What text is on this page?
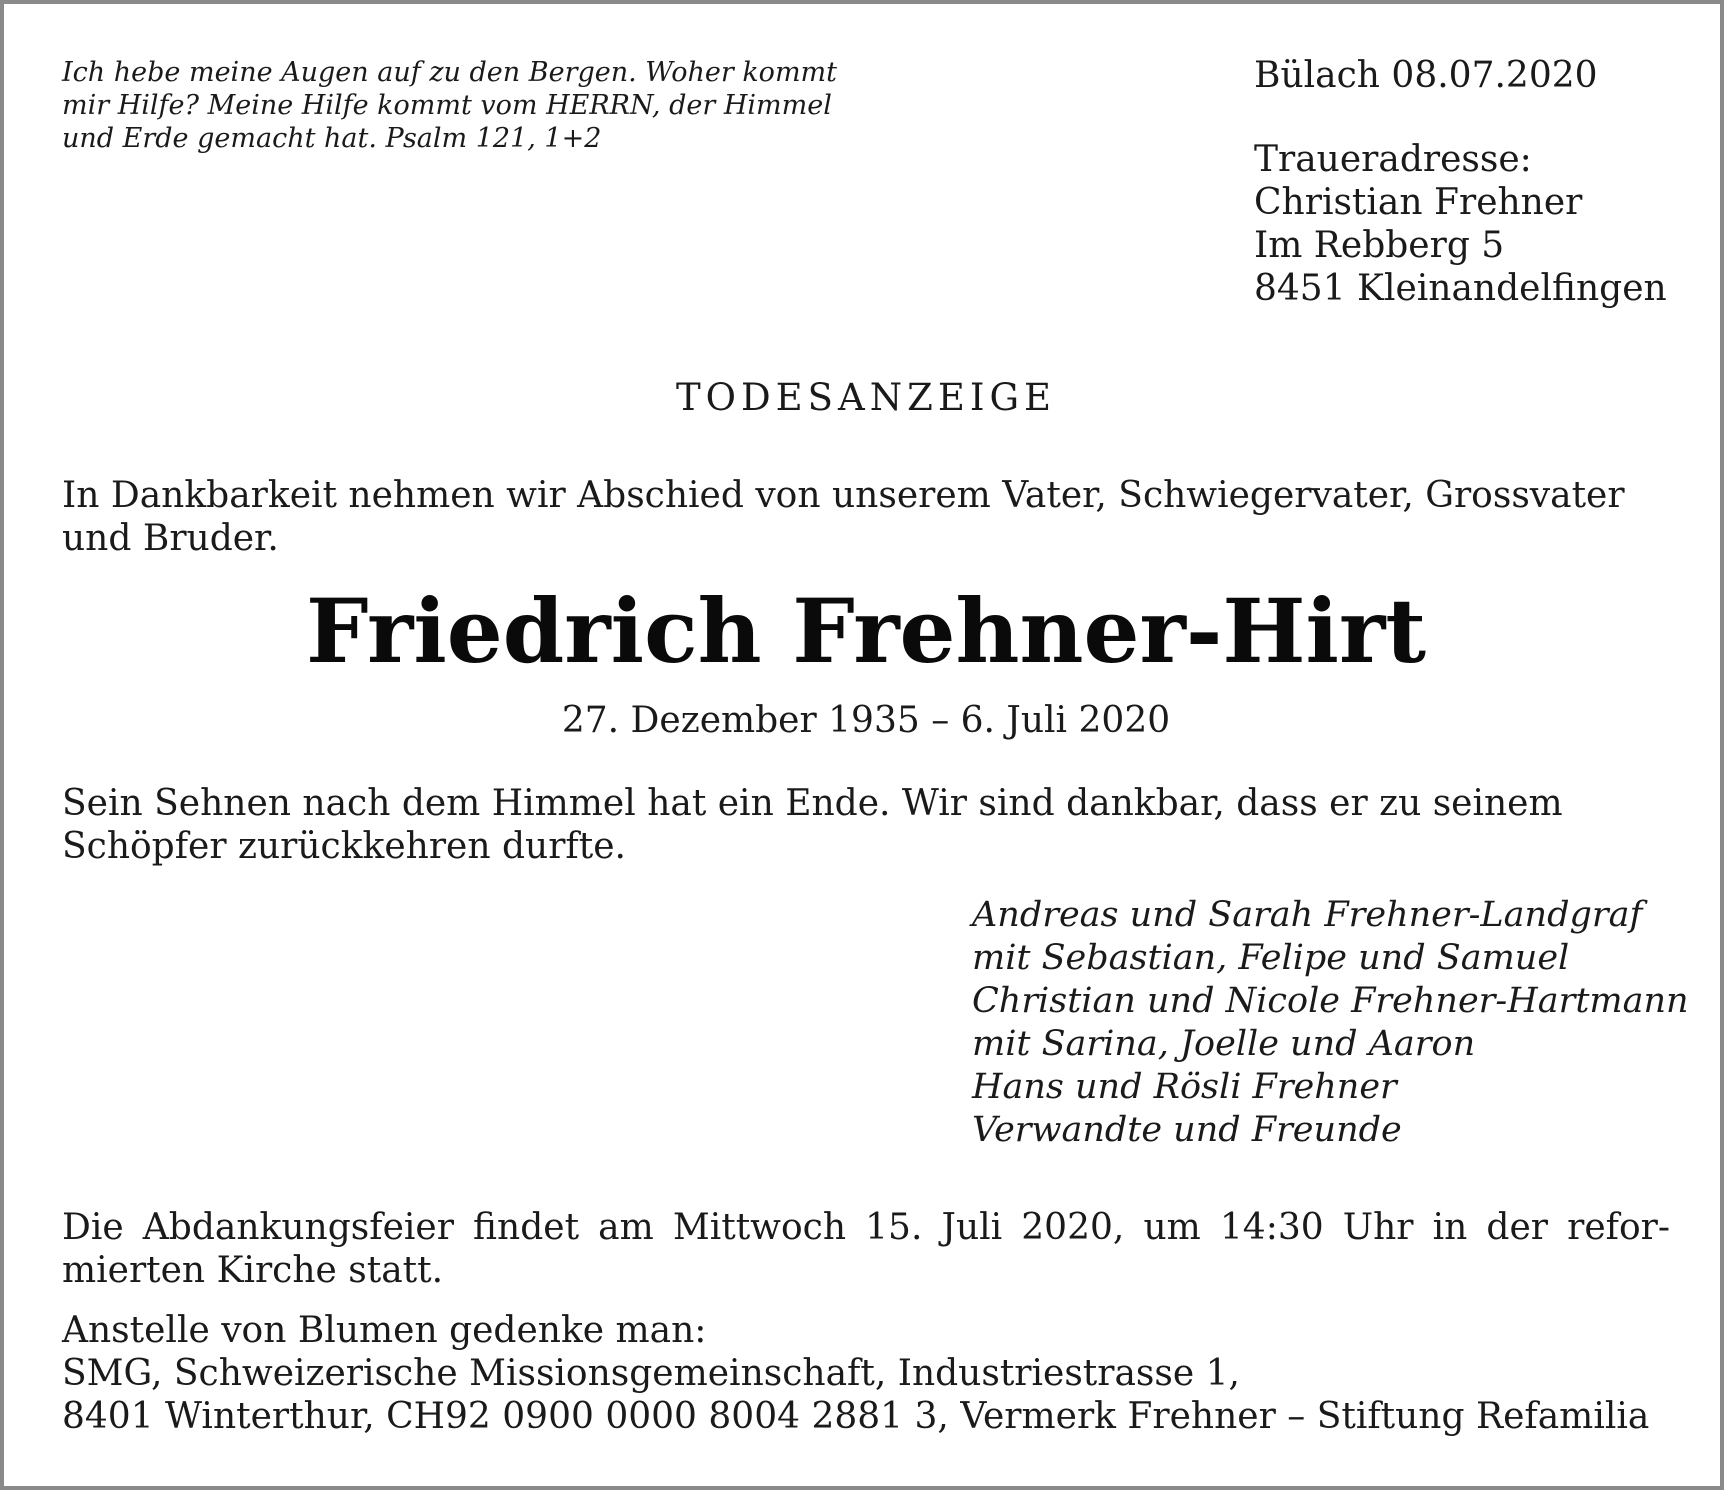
Ich hebe meine Augen auf zu den Bergen. Woher kommt
mir Hilfe? Meine Hilfe kommt vom HERRN, der Himmel
und Erde gemacht hat. Psalm 121, 1+2
Bülach 08.07.2020
Traueradresse:
Christian Frehner
Im Rebberg 5
8451 Kleinandelfingen
TODESANZEIGE
In Dankbarkeit nehmen wir Abschied von unserem Vater, Schwiegervater, Grossvater
und Bruder.
Friedrich Frehner-Hirt
27. Dezember 1935 – 6. Juli 2020
Sein Sehnen nach dem Himmel hat ein Ende. Wir sind dankbar, dass er zu seinem
Schöpfer zurückkehren durfte.
Andreas und Sarah Frehner-Landgraf
mit Sebastian, Felipe und Samuel
Christian und Nicole Frehner-Hartmann
mit Sarina, Joelle und Aaron
Hans und Rösli Frehner
Verwandte und Freunde
Die Abdankungsfeier findet am Mittwoch 15. Juli 2020, um 14:30 Uhr in der refor-
mierten Kirche statt.
Anstelle von Blumen gedenke man:
SMG, Schweizerische Missionsgemeinschaft, Industriestrasse 1,
8401 Winterthur, CH92 0900 0000 8004 2881 3, Vermerk Frehner – Stiftung Refamilia
